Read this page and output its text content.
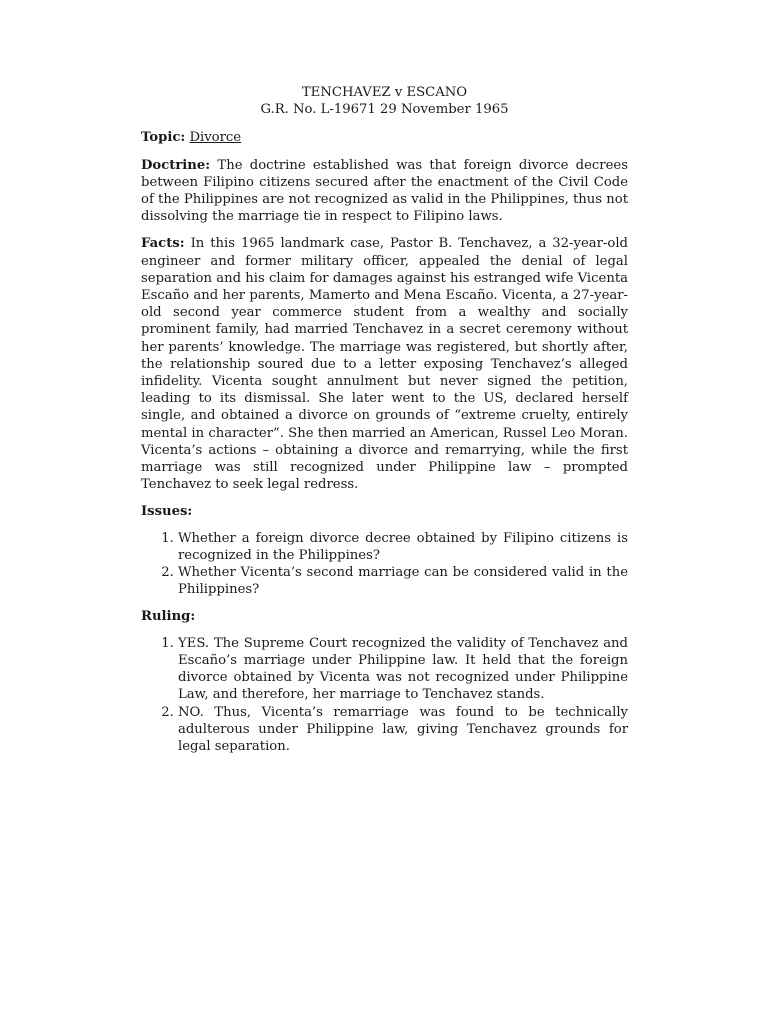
TENCHAVEZ v ESCANO

G.R. No. L-19671 29 November 1965

Topic: Divorce

Doctrine: The doctrine established was that foreign divorce decrees between Filipino citizens secured after the enactment of the Civil Code of the Philippines are not recognized as valid in the Philippines, thus not dissolving the marriage tie in respect to Filipino laws.

Facts: In this 1965 landmark case, Pastor B. Tenchavez, a 32-year-old engineer and former military officer, appealed the denial of legal separation and his claim for damages against his estranged wife Vicenta Escaño and her parents, Mamerto and Mena Escaño. Vicenta, a 27-year-old second year commerce student from a wealthy and socially prominent family, had married Tenchavez in a secret ceremony without her parents’ knowledge. The marriage was registered, but shortly after, the relationship soured due to a letter exposing Tenchavez’s alleged infidelity. Vicenta sought annulment but never signed the petition, leading to its dismissal. She later went to the US, declared herself single, and obtained a divorce on grounds of “extreme cruelty, entirely mental in character”. She then married an American, Russel Leo Moran. Vicenta’s actions – obtaining a divorce and remarrying, while the first marriage was still recognized under Philippine law – prompted Tenchavez to seek legal redress.

Issues:

1. Whether a foreign divorce decree obtained by Filipino citizens is recognized in the Philippines?
2. Whether Vicenta’s second marriage can be considered valid in the Philippines?

Ruling:

1. YES. The Supreme Court recognized the validity of Tenchavez and Escaño’s marriage under Philippine law. It held that the foreign divorce obtained by Vicenta was not recognized under Philippine Law, and therefore, her marriage to Tenchavez stands.
2. NO. Thus, Vicenta’s remarriage was found to be technically adulterous under Philippine law, giving Tenchavez grounds for legal separation.
